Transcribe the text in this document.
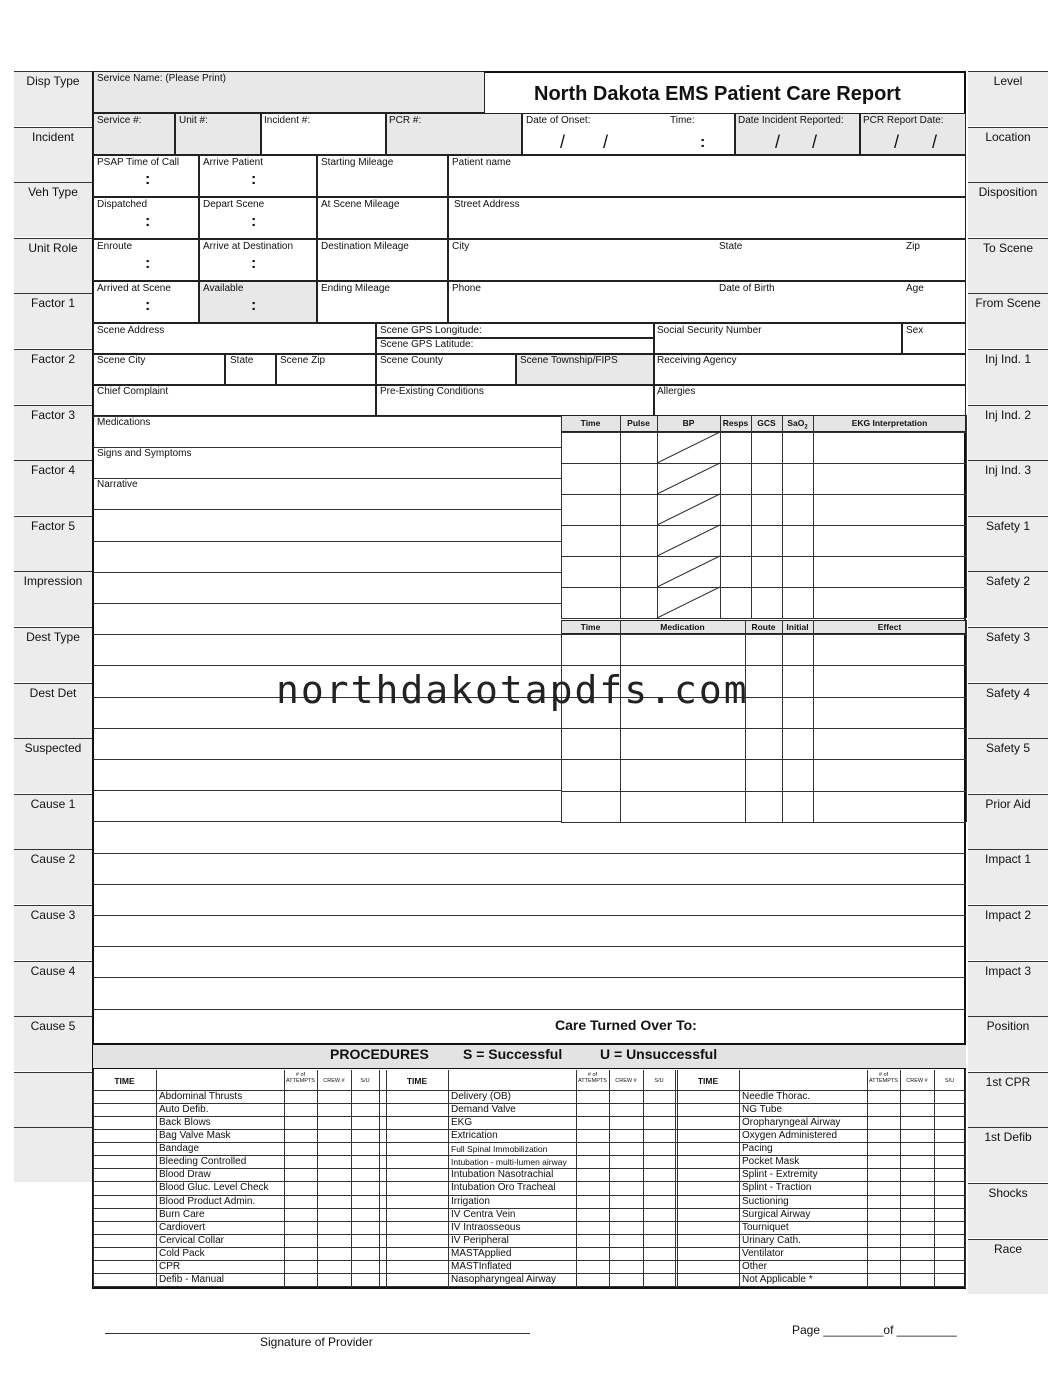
Disp Type
Incident
Veh Type
Unit Role
Factor 1
Factor 2
Factor 3
Factor 4
Factor 5
Impression
Dest Type
Dest Det
Suspected
Cause 1
Cause 2
Cause 3
Cause 4
Cause 5
Level
Location
Disposition
To Scene
From Scene
Inj Ind. 1
Inj Ind. 2
Inj Ind. 3
Safety 1
Safety 2
Safety 3
Safety 4
Safety 5
Prior Aid
Impact 1
Impact 2
Impact 3
Position
1st CPR
1st Defib
Shocks
Race
Service Name: (Please Print)
North Dakota EMS Patient Care Report
Service #:	Unit #:	Incident #:	PCR #:	Date of Onset:	Time:	Date Incident Reported: PCR Report Date:
/ /	:	/ /	/ /
PSAP Time of Call
:
Arrive Patient
:
Starting Mileage
Dispatched
:
Depart Scene
:
At Scene Mileage
Enroute
:
Arrive at Destination
:
Destination Mileage
Arrived at Scene
:
Available
:
Ending Mileage
Patient name
Street Address
City	State	Zip
Phone	Date of Birth	Age
Scene Address	Scene GPS Longitude:
Scene GPS Latitude:
Social Security Number	Sex
Scene City	State	Scene Zip	Scene County	Scene Township/FIPS	Receiving Agency
Chief Complaint	Pre-Existing Conditions	Allergies
Medications
Signs and Symptoms
Narrative
Time	Pulse	BP	Resps	GCS	SaO$_2$	EKG Interpretation
Time	Medication	Route	Initial	Effect
northdakotapdfs.com
Care Turned Over To:
PROCEDURES S = Successful	U = Unsuccessful
TIME
# of ATTEMPTS	CREW #	S/U
Abdominal Thrusts
Auto Defib.
Back Blows
Bag Valve Mask
Bandage
Bleeding Controlled
Blood Draw
Blood Gluc. Level Check
Blood Product Admin.
Burn Care
Cardiovert
Cervical Collar
Cold Pack
CPR
Defib - Manual
TIME
# of ATTEMPTS	CREW #	S/U
Delivery (OB)
Demand Valve
EKG
Extrication
Full Spinal Immobilization
Intubation - multi-lumen airway
Intubation Nasotrachial
Intubation Oro Tracheal
Irrigation
IV Centra Vein
IV Intraosseous
IV Peripheral
MASTApplied
MASTInflated
Nasopharyngeal Airway
TIME
# of ATTEMPTS	CREW #	S/U
Needle Thorac.
NG Tube
Oropharyngeal Airway
Oxygen Administered
Pacing
Pocket Mask
Splint - Extremity
Splint - Traction
Suctioning
Surgical Airway
Tourniquet
Urinary Cath.
Ventilator
Other
Not Applicable *
Signature of Provider
Page _________of _________
